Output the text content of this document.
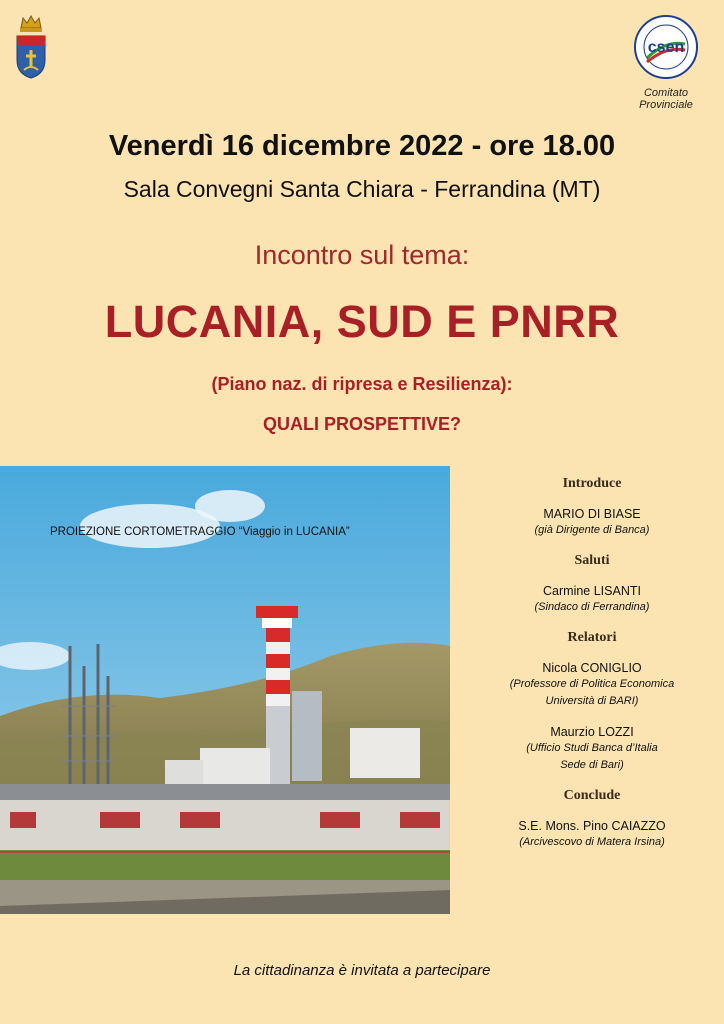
csen
Comitato
Provinciale
Venerdì 16 dicembre 2022 - ore 18.00
Sala Convegni Santa Chiara - Ferrandina (MT)
Incontro sul tema:
LUCANIA, SUD E PNRR
(Piano naz. di ripresa e Resilienza):
QUALI PROSPETTIVE?
PROIEZIONE CORTOMETRAGGIO “Viaggio in LUCANIA”
Introduce
MARIO DI BIASE
(già Dirigente di Banca)
Saluti
Carmine LISANTI
(Sindaco di Ferrandina)
Relatori
Nicola CONIGLIO
(Professore di Politica Economica
Università di BARI)
Maurzio LOZZI
(Ufficio Studi Banca d’Italia
Sede di Bari)
Conclude
S.E. Mons. Pino CAIAZZO
(Arcivescovo di Matera Irsina)
La cittadinanza è invitata a partecipare
